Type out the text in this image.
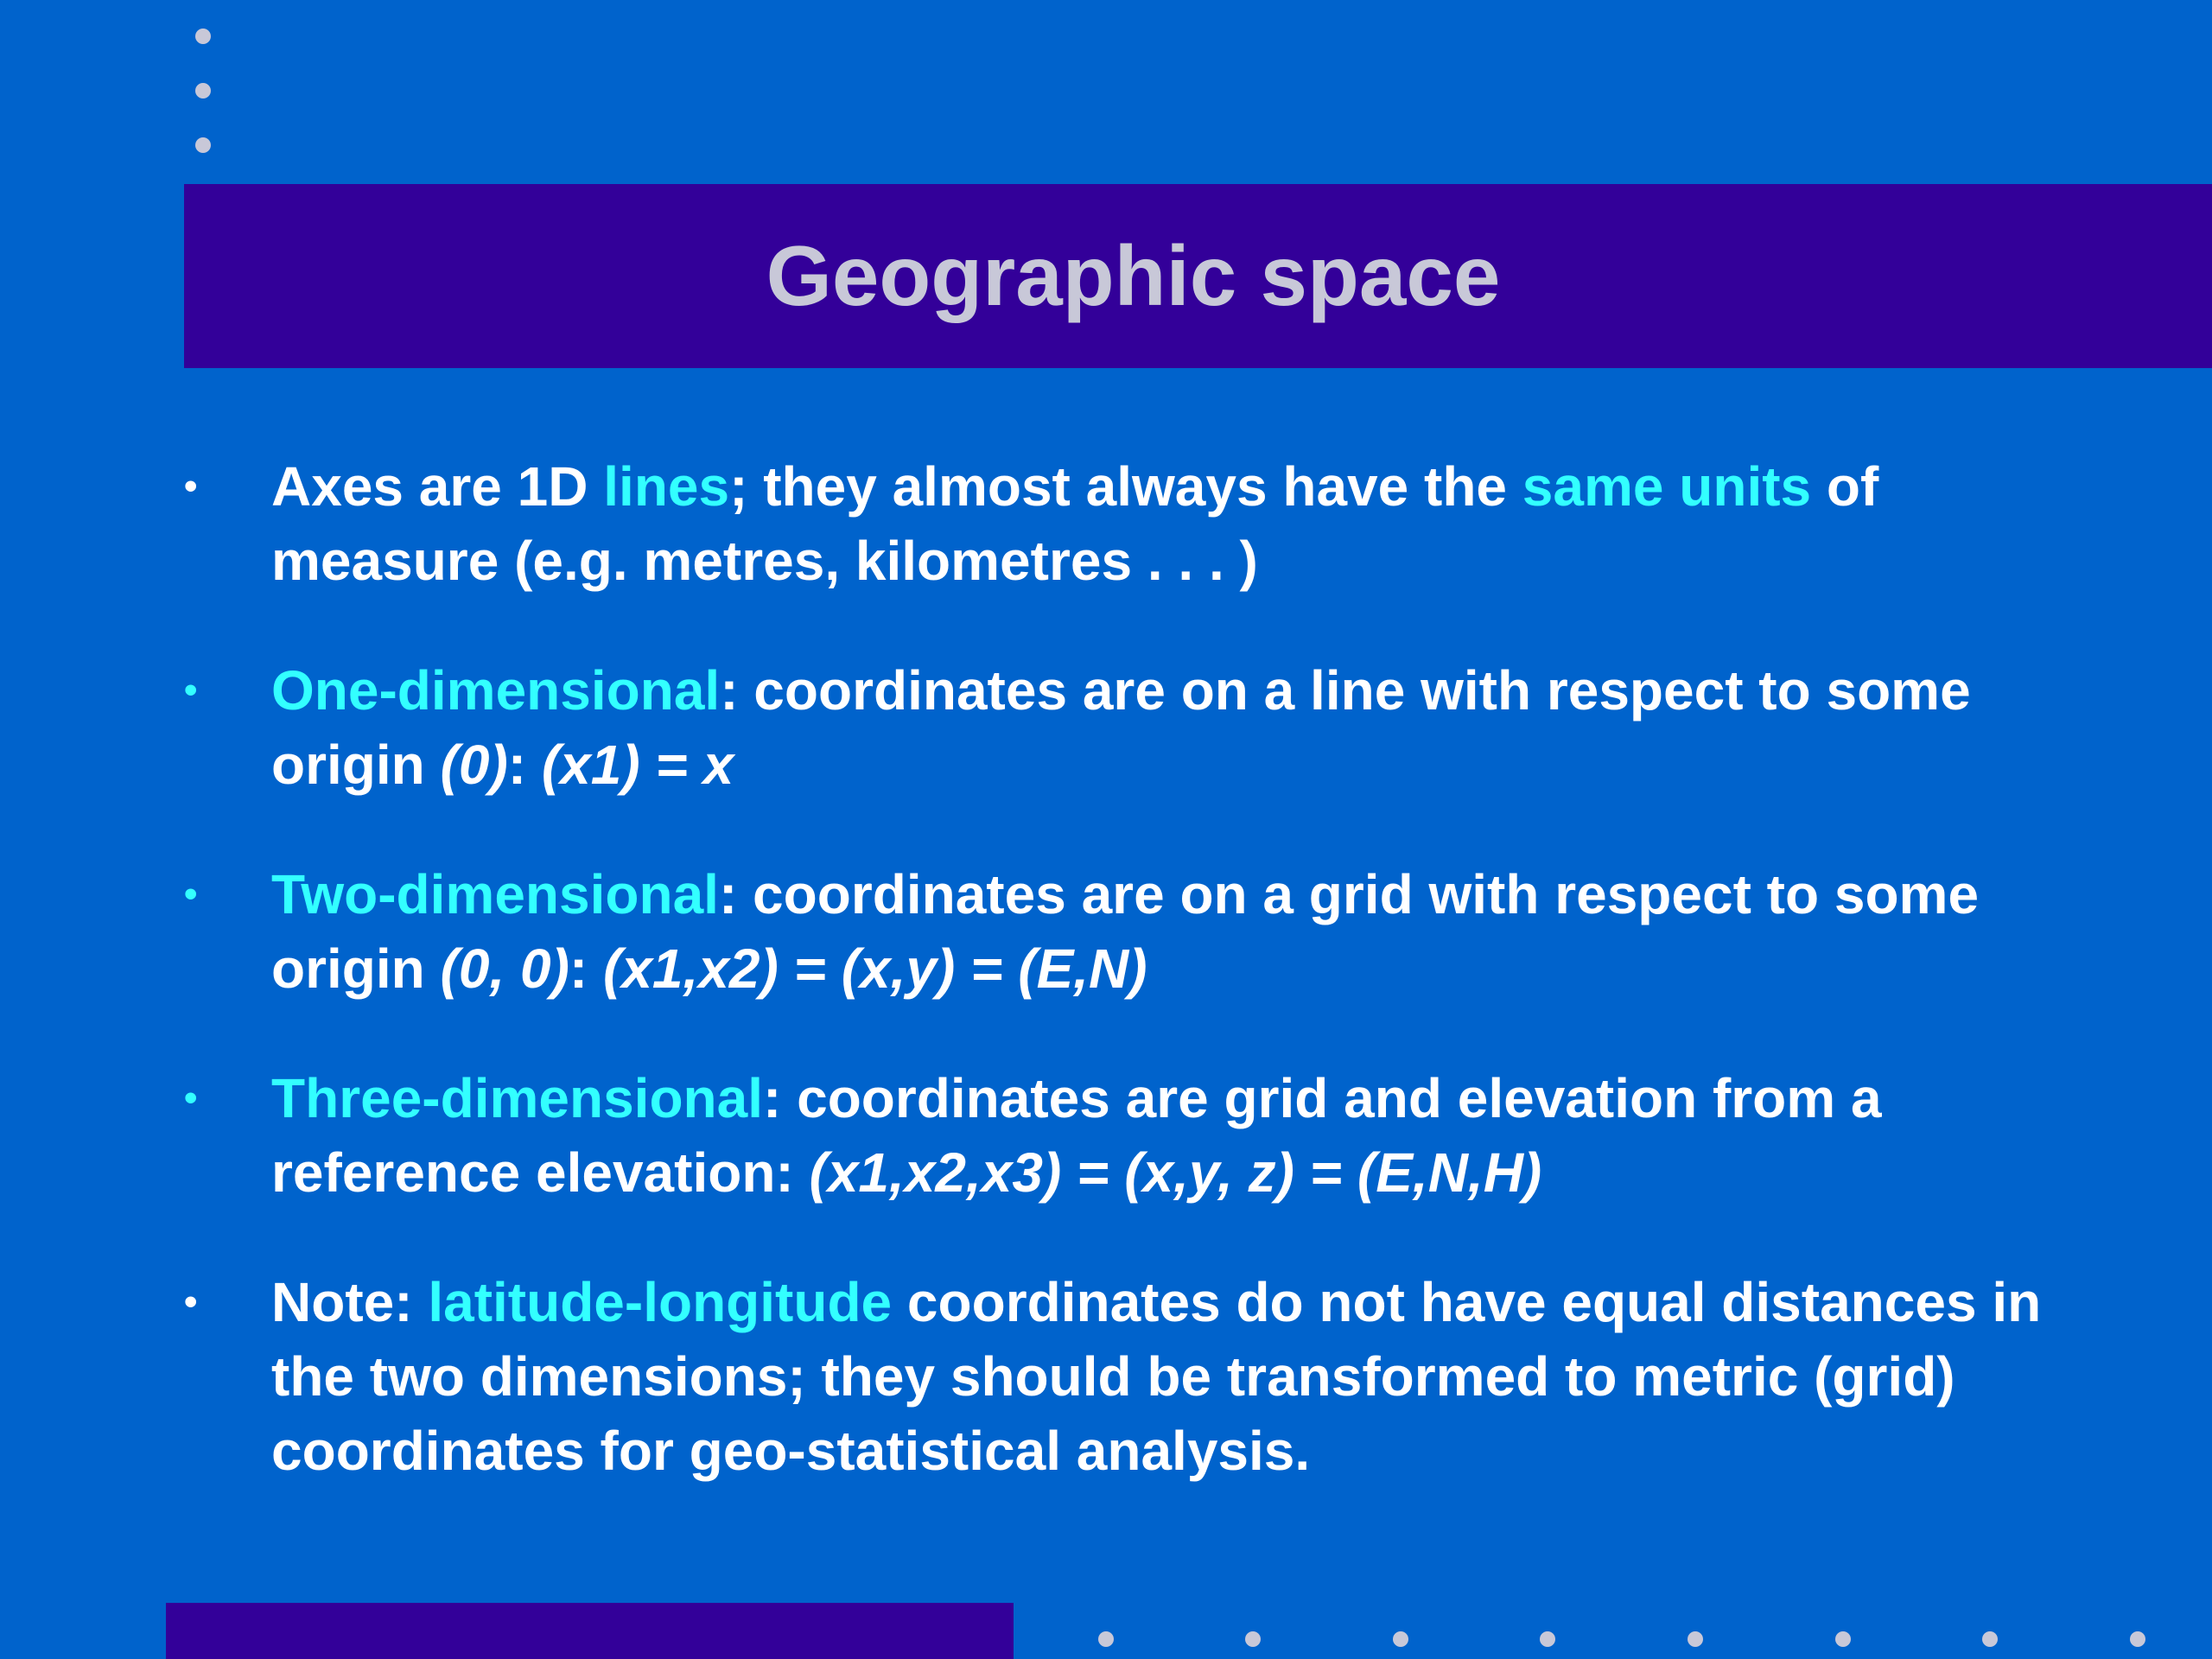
Geographic space
• Axes are 1D lines; they almost always have the same units of measure (e.g. metres, kilometres . . . )
• One-dimensional: coordinates are on a line with respect to some origin (0): (x1) = x
• Two-dimensional: coordinates are on a grid with respect to some origin (0, 0): (x1,x2) = (x,y) = (E,N)
• Three-dimensional: coordinates are grid and elevation from a reference elevation: (x1,x2,x3) = (x,y, z) = (E,N,H)
• Note: latitude-longitude coordinates do not have equal distances in the two dimensions; they should be transformed to metric (grid) coordinates for geo-statistical analysis.
